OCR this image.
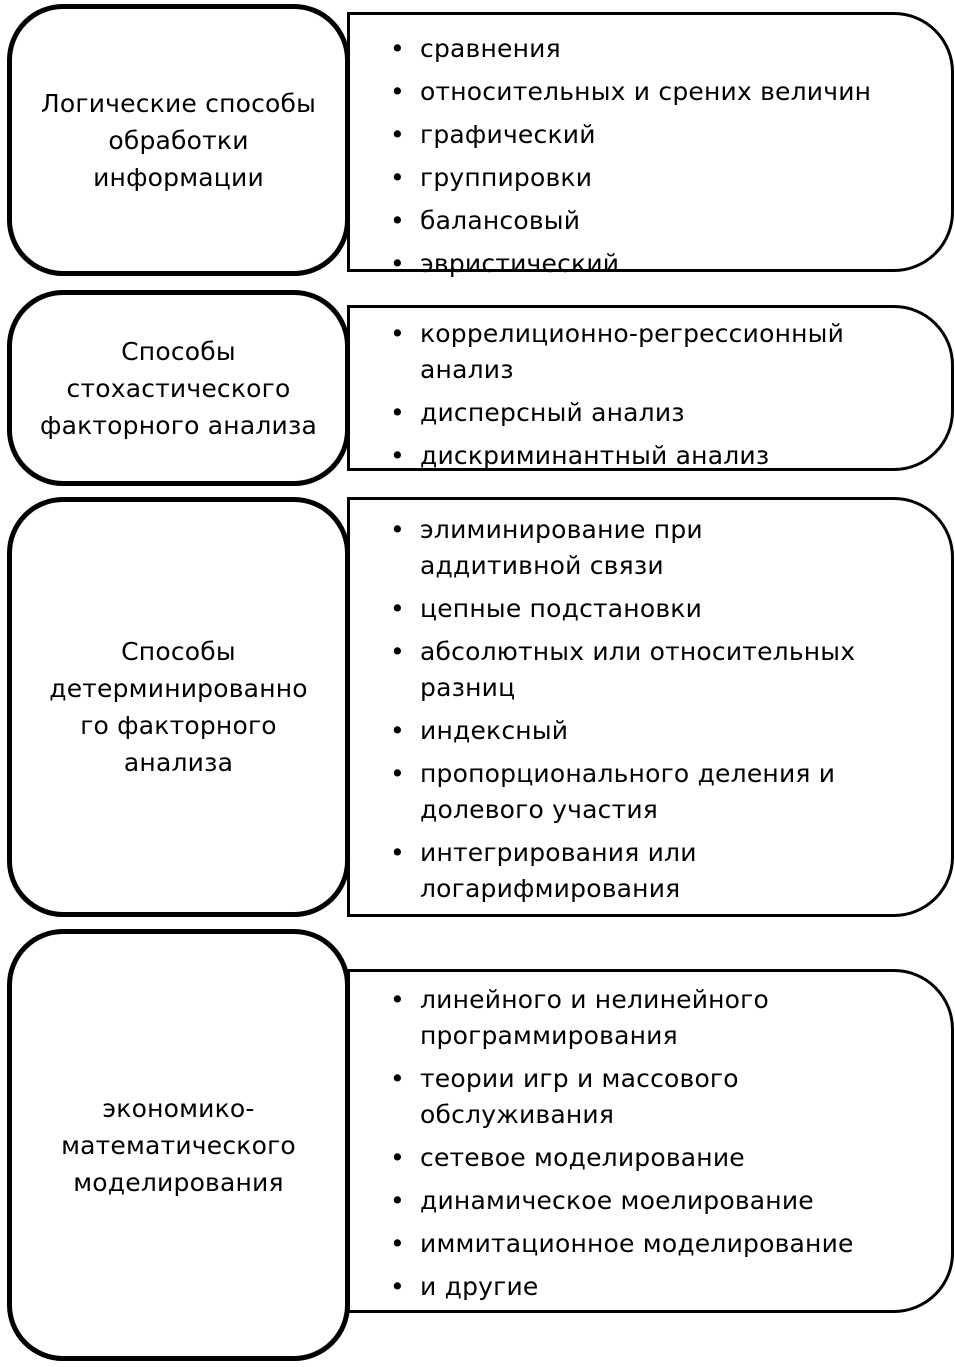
• сравнения
• относительных и срених величин
• графический
• группировки
• балансовый
• эвристический
Логические способы
обработки
информации
• коррелиционно-регрессионный
анализ
• дисперсный анализ
• дискриминантный анализ
Способы
стохастического
факторного анализа
• элиминирование при
аддитивной связи
• цепные подстановки
• абсолютных или относительных
разниц
• индексный
• пропорционального деления и
долевого участия
• интегрирования или
логарифмирования
Способы
детерминированно
го факторного
анализа
• линейного и нелинейного
программирования
• теории игр и массового
обслуживания
• сетевое моделирование
• динамическое моелирование
• иммитационное моделирование
• и другие
экономико-
математического
моделирования
